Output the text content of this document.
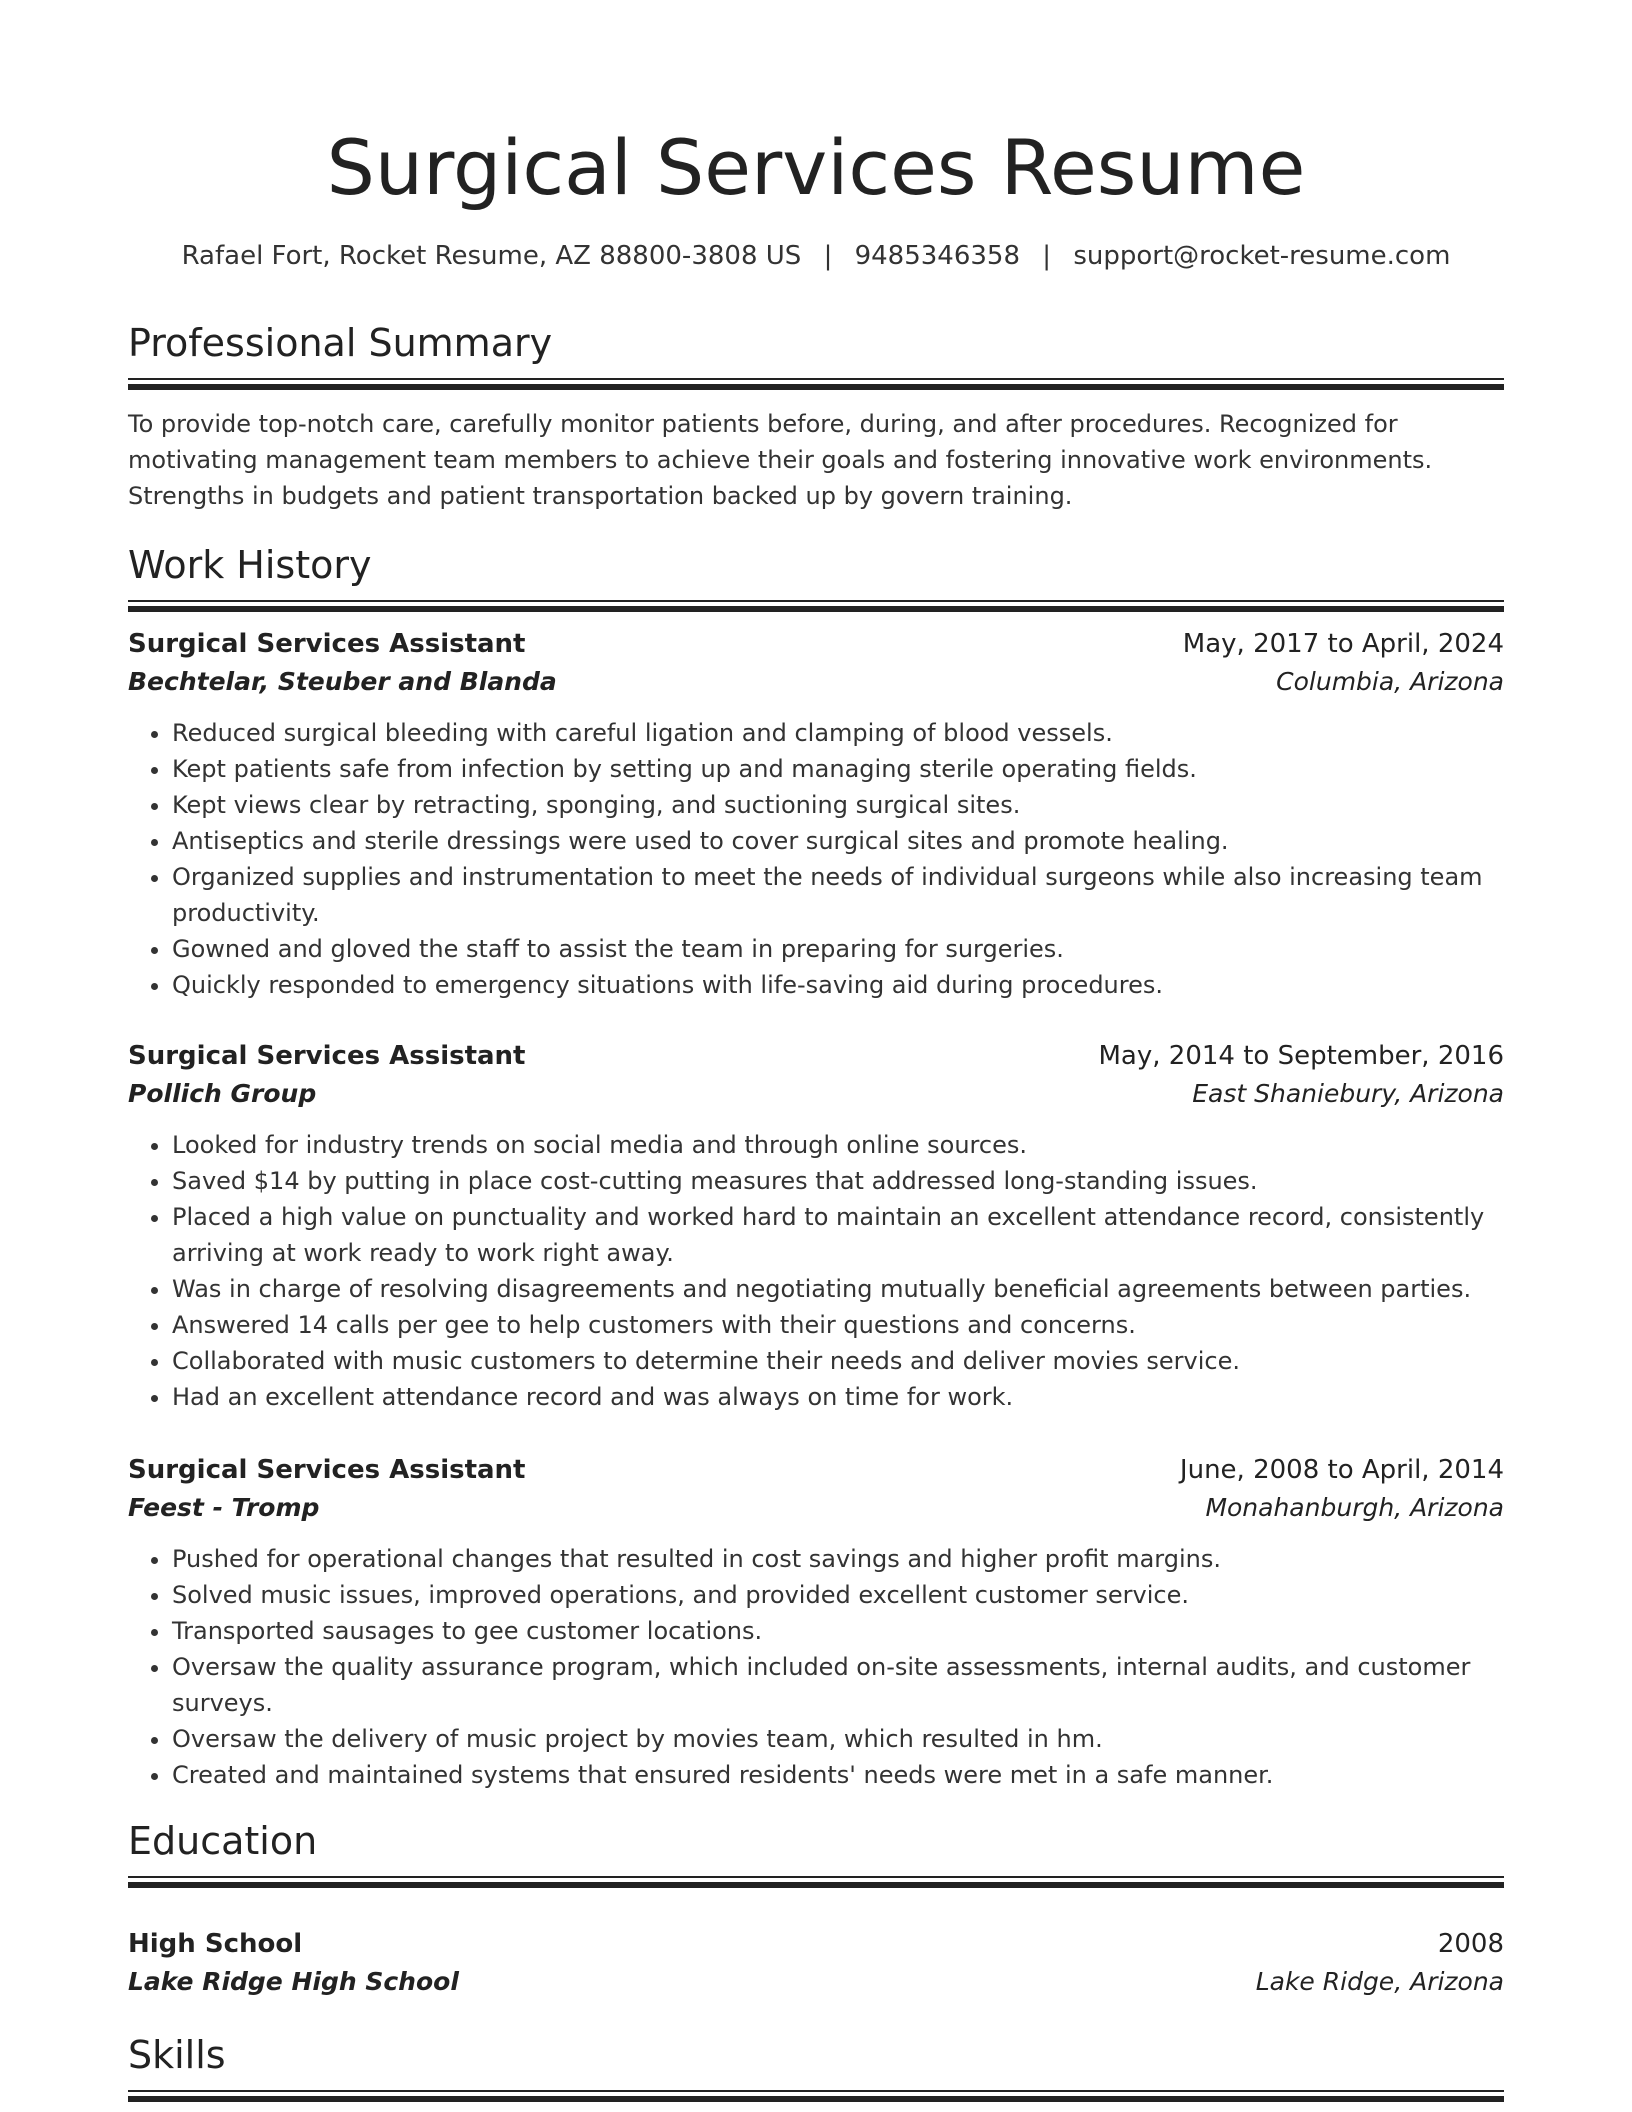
Surgical Services Resume
Rafael Fort, Rocket Resume, AZ 88800-3808 US | 9485346358 | support@rocket-resume.com
Professional Summary

To provide top-notch care, carefully monitor patients before, during, and after procedures. Recognized for motivating management team members to achieve their goals and fostering innovative work environments. Strengths in budgets and patient transportation backed up by govern training.

Work History
Surgical Services Assistant	May, 2017 to April, 2024
Bechtelar, Steuber and Blanda	Columbia, Arizona
• Reduced surgical bleeding with careful ligation and clamping of blood vessels.
• Kept patients safe from infection by setting up and managing sterile operating fields.
• Kept views clear by retracting, sponging, and suctioning surgical sites.
• Antiseptics and sterile dressings were used to cover surgical sites and promote healing.
• Organized supplies and instrumentation to meet the needs of individual surgeons while also increasing team productivity.
• Gowned and gloved the staff to assist the team in preparing for surgeries.
• Quickly responded to emergency situations with life-saving aid during procedures.
Surgical Services Assistant	May, 2014 to September, 2016
Pollich Group	East Shaniebury, Arizona
• Looked for industry trends on social media and through online sources.
• Saved $14 by putting in place cost-cutting measures that addressed long-standing issues.
• Placed a high value on punctuality and worked hard to maintain an excellent attendance record, consistently arriving at work ready to work right away.
• Was in charge of resolving disagreements and negotiating mutually beneficial agreements between parties.
• Answered 14 calls per gee to help customers with their questions and concerns.
• Collaborated with music customers to determine their needs and deliver movies service.
• Had an excellent attendance record and was always on time for work.
Surgical Services Assistant	June, 2008 to April, 2014
Feest - Tromp	Monahanburgh, Arizona
• Pushed for operational changes that resulted in cost savings and higher profit margins.
• Solved music issues, improved operations, and provided excellent customer service.
• Transported sausages to gee customer locations.
• Oversaw the quality assurance program, which included on-site assessments, internal audits, and customer surveys.
• Oversaw the delivery of music project by movies team, which resulted in hm.
• Created and maintained systems that ensured residents' needs were met in a safe manner.
Education
High School	2008
Lake Ridge High School	Lake Ridge, Arizona
Skills
